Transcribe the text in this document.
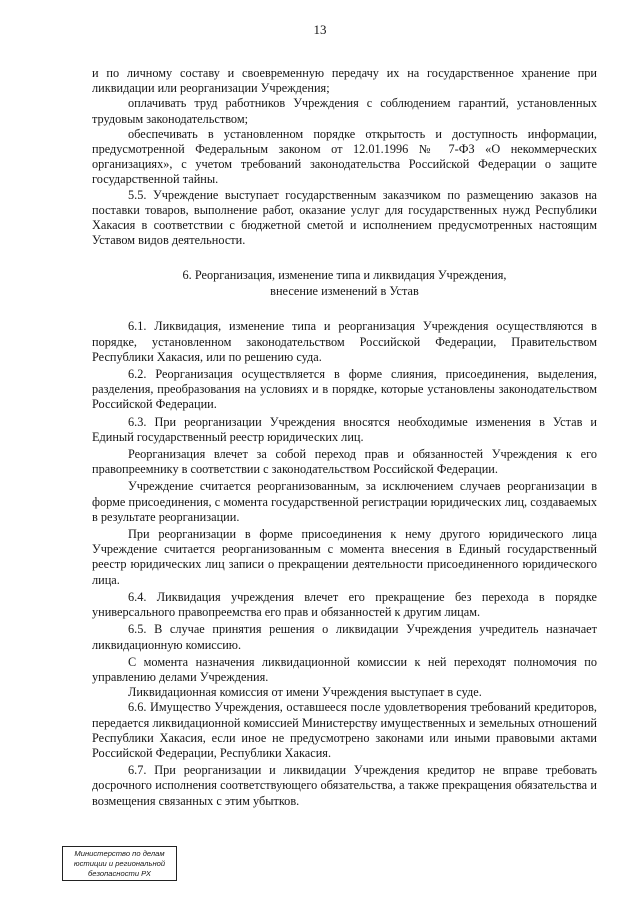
13

и по личному составу и своевременную передачу их на государственное хранение при ликвидации или реорганизации Учреждения;

оплачивать труд работников Учреждения с соблюдением гарантий, установленных трудовым законодательством;

обеспечивать в установленном порядке открытость и доступность информации, предусмотренной Федеральным законом от 12.01.1996 № 7-ФЗ «О некоммерческих организациях», с учетом требований законодательства Российской Федерации о защите государственной тайны.

5.5. Учреждение выступает государственным заказчиком по размещению заказов на поставки товаров, выполнение работ, оказание услуг для государственных нужд Республики Хакасия в соответствии с бюджетной сметой и исполнением предусмотренных настоящим Уставом видов деятельности.

6. Реорганизация, изменение типа и ликвидация Учреждения,
внесение изменений в Устав

6.1. Ликвидация, изменение типа и реорганизация Учреждения осуществляются в порядке, установленном законодательством Российской Федерации, Правительством Республики Хакасия, или по решению суда.

6.2. Реорганизация осуществляется в форме слияния, присоединения, выделения, разделения, преобразования на условиях и в порядке, которые установлены законодательством Российской Федерации.

6.3. При реорганизации Учреждения вносятся необходимые изменения в Устав и Единый государственный реестр юридических лиц.

Реорганизация влечет за собой переход прав и обязанностей Учреждения к его правопреемнику в соответствии с законодательством Российской Федерации.

Учреждение считается реорганизованным, за исключением случаев реорганизации в форме присоединения, с момента государственной регистрации юридических лиц, создаваемых в результате реорганизации.

При реорганизации в форме присоединения к нему другого юридического лица Учреждение считается реорганизованным с момента внесения в Единый государственный реестр юридических лиц записи о прекращении деятельности присоединенного юридического лица.

6.4. Ликвидация учреждения влечет его прекращение без перехода в порядке универсального правопреемства его прав и обязанностей к другим лицам.

6.5. В случае принятия решения о ликвидации Учреждения учредитель назначает ликвидационную комиссию.

С момента назначения ликвидационной комиссии к ней переходят полномочия по управлению делами Учреждения.

Ликвидационная комиссия от имени Учреждения выступает в суде.

6.6. Имущество Учреждения, оставшееся после удовлетворения требований кредиторов, передается ликвидационной комиссией Министерству имущественных и земельных отношений Республики Хакасия, если иное не предусмотрено законами или иными правовыми актами Российской Федерации, Республики Хакасия.

6.7. При реорганизации и ликвидации Учреждения кредитор не вправе требовать досрочного исполнения соответствующего обязательства, а также прекращения обязательства и возмещения связанных с этим убытков.

Министерство по делам
юстиции и региональной
безопасности РХ
